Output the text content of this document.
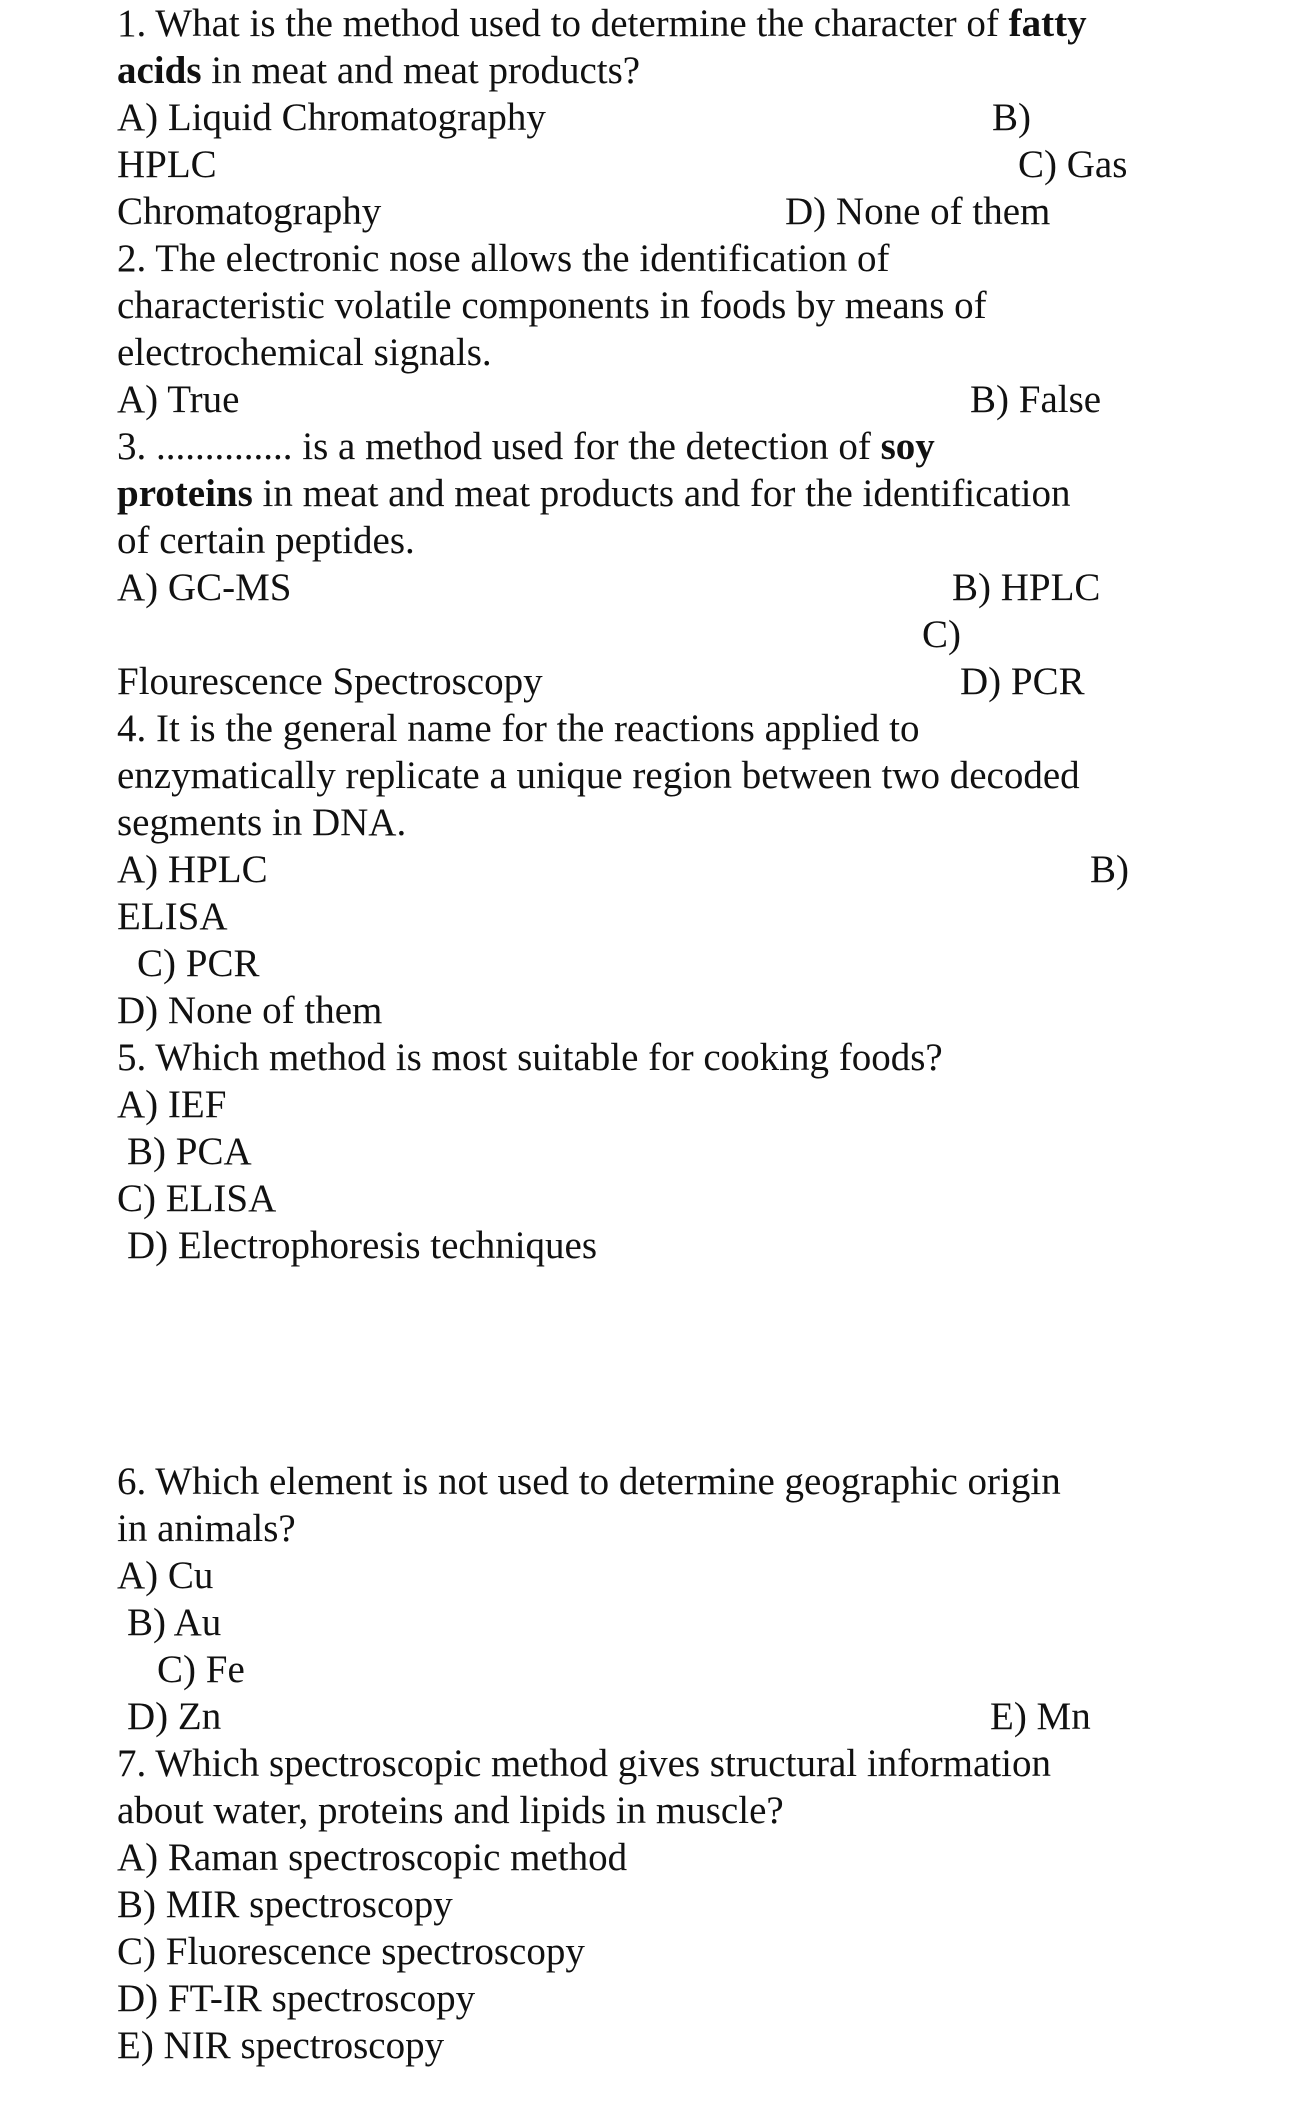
1. What is the method used to determine the character of fatty
acids in meat and meat products?
A) Liquid Chromatography	B)
HPLC	C) Gas
Chromatography	D) None of them
2. The electronic nose allows the identification of
characteristic volatile components in foods by means of
electrochemical signals.
A) True	B) False
3. .............. is a method used for the detection of soy
proteins in meat and meat products and for the identification
of certain peptides.
A) GC-MS	B) HPLC
C)
Flourescence Spectroscopy	D) PCR
4. It is the general name for the reactions applied to
enzymatically replicate a unique region between two decoded
segments in DNA.
A) HPLC	B)
ELISA
C) PCR
D) None of them
5. Which method is most suitable for cooking foods?
A) IEF
B) PCA
C) ELISA
D) Electrophoresis techniques
6. Which element is not used to determine geographic origin
in animals?
A) Cu
B) Au
C) Fe
D) Zn	E) Mn
7. Which spectroscopic method gives structural information
about water, proteins and lipids in muscle?
A) Raman spectroscopic method
B) MIR spectroscopy
C) Fluorescence spectroscopy
D) FT-IR spectroscopy
E) NIR spectroscopy
